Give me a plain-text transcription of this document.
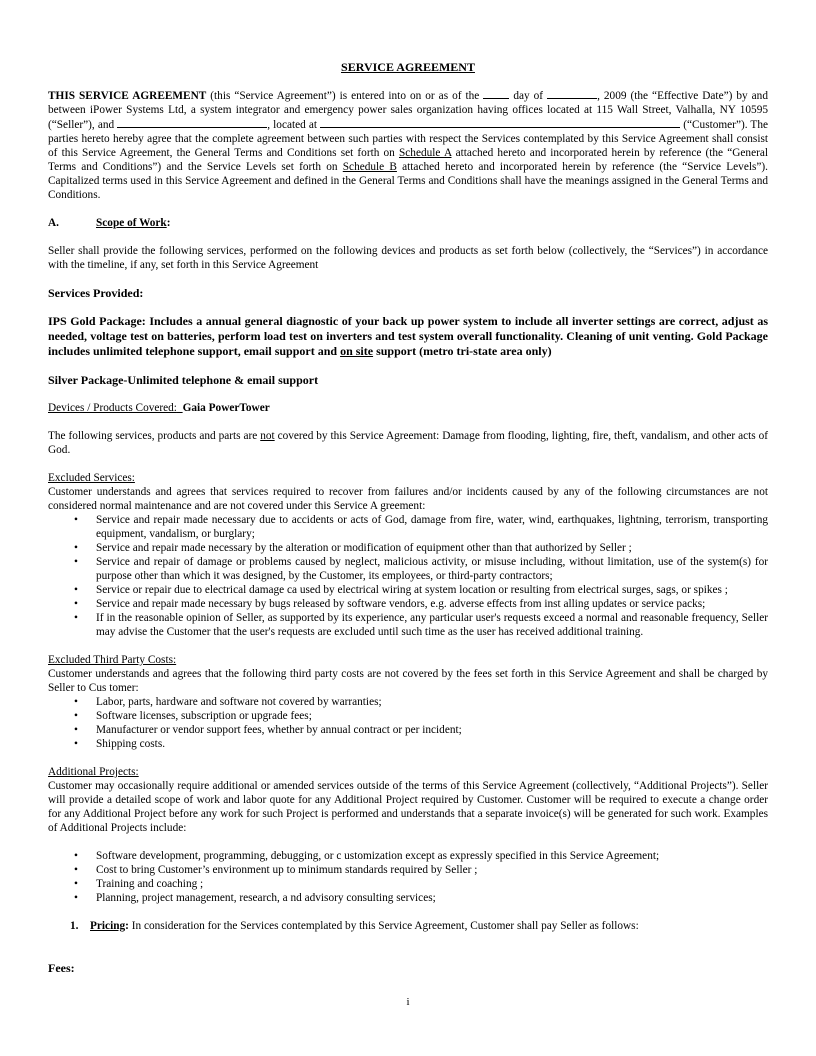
SERVICE AGREEMENT

THIS SERVICE AGREEMENT (this “Service Agreement”) is entered into on or as of the  day of	, 2009 (the “Effective Date”) by and between iPower Systems Ltd, a system integrator and emergency power sales organization having offices located at 115 Wall Street, Valhalla, NY 10595 (“Seller”), and	, located at	(“Customer”). The parties hereto hereby agree that the complete agreement between such parties with respect the Services contemplated by this Service Agreement shall consist of this Service Agreement, the General Terms and Conditions set forth on Schedule A attached hereto and incorporated herein by reference (the “General Terms and Conditions”) and the Service Levels set forth on Schedule B attached hereto and incorporated herein by reference (the “Service Levels”). Capitalized terms used in this Service Agreement and defined in the General Terms and Conditions shall have the meanings assigned in the General Terms and Conditions.

A.	Scope of Work:

Seller shall provide the following services, performed on the following devices and products as set forth below (collectively, the “Services”) in accordance with the timeline, if any, set forth in this Service Agreement

Services Provided:

IPS Gold Package: Includes a annual general diagnostic of your back up power system to include all inverter settings are correct, adjust as needed, voltage test on batteries, perform load test on inverters and test system overall functionality. Cleaning of unit venting. Gold Package includes unlimited telephone support, email support and on site support (metro tri-state area only)

Silver Package-Unlimited telephone & email support

Devices / Products Covered: Gaia PowerTower

The following services, products and parts are not covered by this Service Agreement: Damage from flooding, lighting, fire, theft, vandalism, and other acts of God.

Excluded Services:

Customer understands and agrees that services required to recover from failures and/or incidents caused by any of the following circumstances are not considered normal maintenance and are not covered under this Service A greement:

• Service and repair made necessary due to accidents or acts of God, damage from fire, water, wind, earthquakes, lightning, terrorism, transporting equipment, vandalism, or burglary;
• Service and repair made necessary by the alteration or modification of equipment other than that authorized by Seller ;
• Service and repair of damage or problems caused by neglect, malicious activity, or misuse including, without limitation, use of the system(s) for purpose other than which it was designed, by the Customer, its employees, or third-party contractors;
• Service or repair due to electrical damage ca used by electrical wiring at system location or resulting from electrical surges, sags, or spikes ;
• Service and repair made necessary by bugs released by software vendors, e.g. adverse effects from inst alling updates or service packs;
• If in the reasonable opinion of Seller, as supported by its experience, any particular user's requests exceed a normal and reasonable frequency, Seller may advise the Customer that the user's requests are excluded until such time as the user has received additional training.

Excluded Third Party Costs:

Customer understands and agrees that the following third party costs are not covered by the fees set forth in this Service Agreement and shall be charged by Seller to Cus tomer:

• Labor, parts, hardware and software not covered by warranties;
• Software licenses, subscription or upgrade fees;
• Manufacturer or vendor support fees, whether by annual contract or per incident;
• Shipping costs.

Additional Projects:

Customer may occasionally require additional or amended services outside of the terms of this Service Agreement (collectively, “Additional Projects”). Seller will provide a detailed scope of work and labor quote for any Additional Project required by Customer. Customer will be required to execute a change order for any Additional Project before any work for such Project is performed and understands that a separate invoice(s) will be generated for such work. Examples of Additional Projects include:

• Software development, programming, debugging, or c ustomization except as expressly specified in this Service Agreement;
• Cost to bring Customer’s environment up to minimum standards required by Seller ;
• Training and coaching ;
• Planning, project management, research, a nd advisory consulting services;

1. Pricing: In consideration for the Services contemplated by this Service Agreement, Customer shall pay Seller as follows:

Fees:

i
